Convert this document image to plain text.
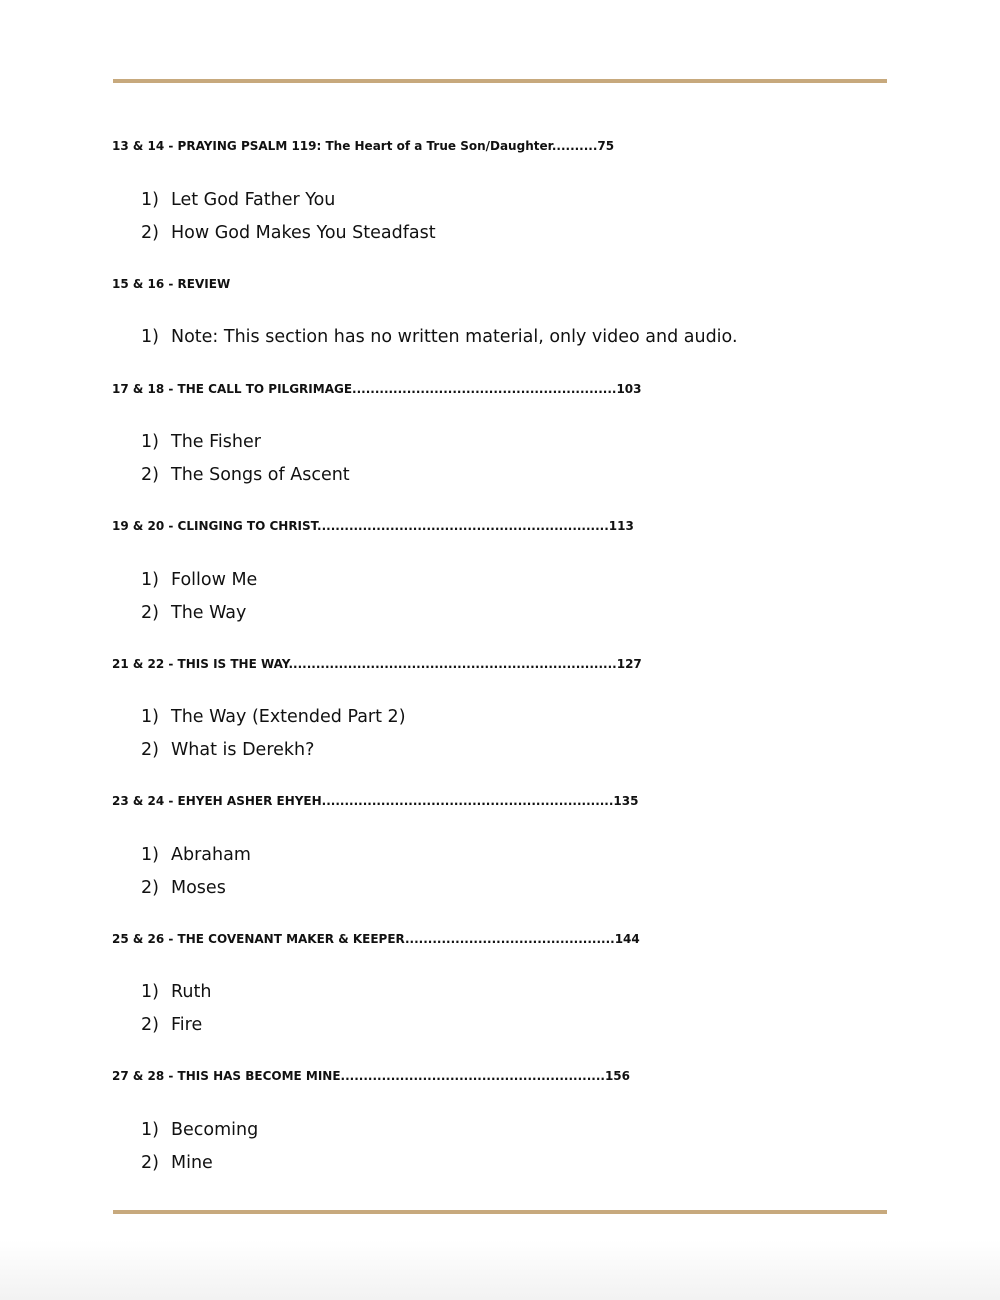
13 & 14 - PRAYING PSALM 119: The Heart of a True Son/Daughter..........75
1) Let God Father You
2) How God Makes You Steadfast
15 & 16 - REVIEW
1) Note: This section has no written material, only video and audio.
17 & 18 - THE CALL TO PILGRIMAGE..........................................................103
1) The Fisher
2) The Songs of Ascent
19 & 20 - CLINGING TO CHRIST................................................................113
1) Follow Me
2) The Way
21 & 22 - THIS IS THE WAY........................................................................127
1) The Way (Extended Part 2)
2) What is Derekh?
23 & 24 - EHYEH ASHER EHYEH................................................................135
1) Abraham
2) Moses
25 & 26 - THE COVENANT MAKER & KEEPER..............................................144
1) Ruth
2) Fire
27 & 28 - THIS HAS BECOME MINE..........................................................156
1) Becoming
2) Mine
